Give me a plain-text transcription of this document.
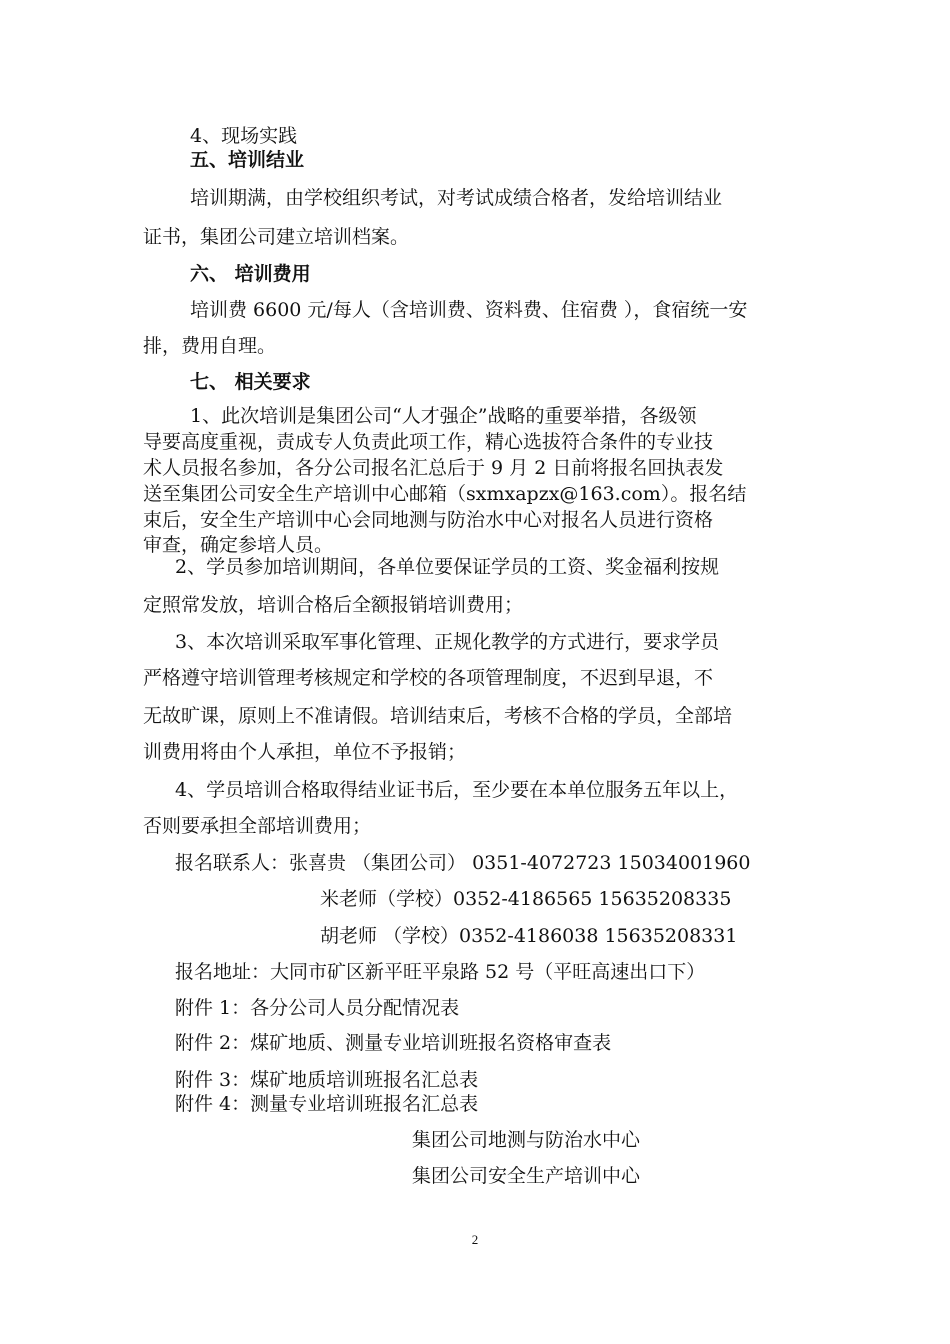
4、现场实践
五、培训结业
培训期满，由学校组织考试，对考试成绩合格者，发给培训结业
证书，集团公司建立培训档案。
六、 培训费用
培训费 6600 元/每人（含培训费、资料费、住宿费 ），食宿统一安
排，费用自理。
七、 相关要求
1、此次培训是集团公司“人才强企”战略的重要举措，各级领
导要高度重视，责成专人负责此项工作，精心选拔符合条件的专业技
术人员报名参加，各分公司报名汇总后于 9 月 2 日前将报名回执表发
送至集团公司安全生产培训中心邮箱（sxmxapzx@163.com）。报名结
束后，安全生产培训中心会同地测与防治水中心对报名人员进行资格
审查，确定参培人员。
2、学员参加培训期间，各单位要保证学员的工资、奖金福利按规
定照常发放，培训合格后全额报销培训费用；
3、本次培训采取军事化管理、正规化教学的方式进行，要求学员
严格遵守培训管理考核规定和学校的各项管理制度，不迟到早退，不
无故旷课，原则上不准请假。培训结束后，考核不合格的学员，全部培
训费用将由个人承担，单位不予报销；
4、学员培训合格取得结业证书后，至少要在本单位服务五年以上，
否则要承担全部培训费用；
报名联系人：张喜贵 （集团公司） 0351-4072723 15034001960
米老师（学校）0352-4186565 15635208335
胡老师 （学校）0352-4186038 15635208331
报名地址：大同市矿区新平旺平泉路 52 号（平旺高速出口下）
附件 1：各分公司人员分配情况表
附件 2：煤矿地质、测量专业培训班报名资格审查表
附件 3：煤矿地质培训班报名汇总表
附件 4：测量专业培训班报名汇总表
集团公司地测与防治水中心
集团公司安全生产培训中心
2
